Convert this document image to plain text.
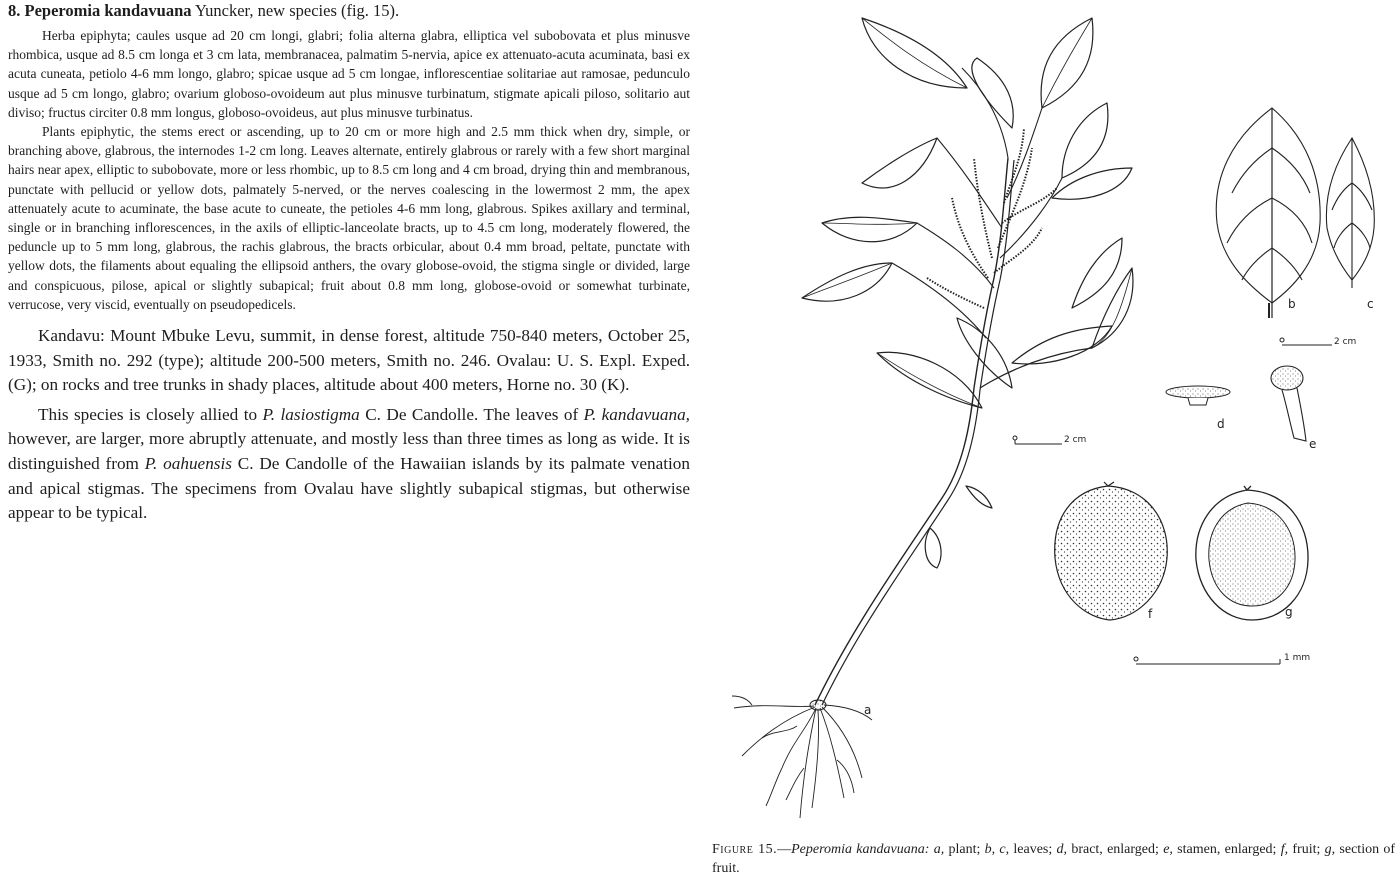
8. Peperomia kandavuana Yuncker, new species (fig. 15).

Herba epiphyta; caules usque ad 20 cm longi, glabri; folia alterna glabra, elliptica vel subobovata et plus minusve rhombica, usque ad 8.5 cm longa et 3 cm lata, membranacea, palmatim 5-nervia, apice ex attenuato-acuta acuminata, basi ex acuta cuneata, petiolo 4-6 mm longo, glabro; spicae usque ad 5 cm longae, inflorescentiae solitariae aut ramosae, pedunculo usque ad 5 cm longo, glabro; ovarium globoso-ovoideum aut plus minusve turbinatum, stigmate apicali piloso, solitario aut diviso; fructus circiter 0.8 mm longus, globoso-ovoideus, aut plus minusve turbinatus.

Plants epiphytic, the stems erect or ascending, up to 20 cm or more high and 2.5 mm thick when dry, simple, or branching above, glabrous, the internodes 1-2 cm long. Leaves alternate, entirely glabrous or rarely with a few short marginal hairs near apex, elliptic to subobovate, more or less rhombic, up to 8.5 cm long and 4 cm broad, drying thin and membranous, punctate with pellucid or yellow dots, palmately 5-nerved, or the nerves coalescing in the lowermost 2 mm, the apex attenuately acute to acuminate, the base acute to cuneate, the petioles 4-6 mm long, glabrous. Spikes axillary and terminal, single or in branching inflorescences, in the axils of elliptic-lanceolate bracts, up to 4.5 cm long, moderately flowered, the peduncle up to 5 mm long, glabrous, the rachis glabrous, the bracts orbicular, about 0.4 mm broad, peltate, punctate with yellow dots, the filaments about equaling the ellipsoid anthers, the ovary globose-ovoid, the stigma single or divided, large and conspicuous, pilose, apical or slightly subapical; fruit about 0.8 mm long, globose-ovoid or somewhat turbinate, verrucose, very viscid, eventually on pseudopedicels.

Kandavu: Mount Mbuke Levu, summit, in dense forest, altitude 750-840 meters, October 25, 1933, Smith no. 292 (type); altitude 200-500 meters, Smith no. 246. Ovalau: U. S. Expl. Exped. (G); on rocks and tree trunks in shady places, altitude about 400 meters, Horne no. 30 (K).

This species is closely allied to P. lasiostigma C. De Candolle. The leaves of P. kandavuana, however, are larger, more abruptly attenuate, and mostly less than three times as long as wide. It is distinguished from P. oahuensis C. De Candolle of the Hawaiian islands by its palmate venation and apical stigmas. The specimens from Ovalau have slightly subapical stigmas, but otherwise appear to be typical.

a
2 cm
b	c
2 cm
d
e
f	g
1 mm
Figure 15.—Peperomia kandavuana: a, plant; b, c, leaves; d, bract, enlarged; e, stamen, enlarged; f, fruit; g, section of fruit.
